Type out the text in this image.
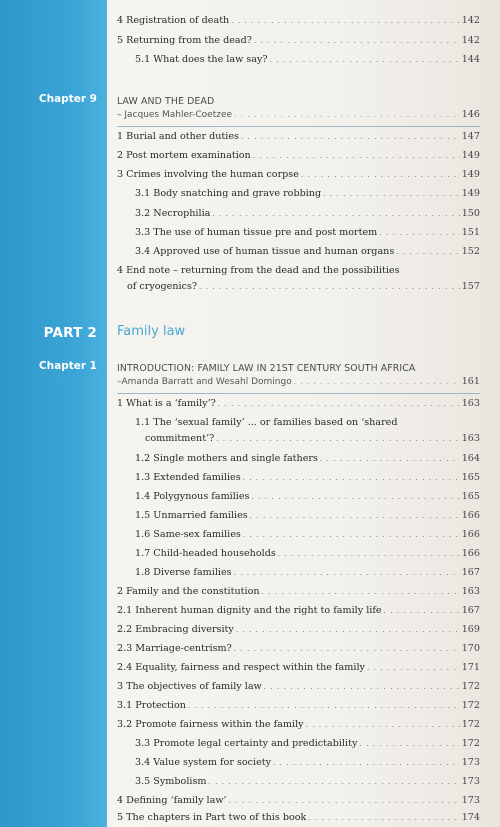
Chapter 9
PART 2
Chapter 1
4 Registration of death . . .	142
5 Returning from the dead? . . .	142
5.1 What does the law say? . . .	144
LAW AND THE DEAD
– Jacques Mahler-Coetzee . . .	146
1 Burial and other duties . . .	147
2 Post mortem examination . . .	149
3 Crimes involving the human corpse . . .	149
3.1 Body snatching and grave robbing . . .	149
3.2 Necrophilia . . .	150
3.3 The use of human tissue pre and post mortem . . .	151
3.4 Approved use of human tissue and human organs . . .	152
4 End note – returning from the dead and the possibilities
of cryogenics? . . .	157
Family law
INTRODUCTION: FAMILY LAW IN 21ST CENTURY SOUTH AFRICA
–Amanda Barratt and Wesahl Domingo . . .	161
1 What is a ‘family’? . . .	163
1.1 The ‘sexual family’ ... or families based on ‘shared
commitment’? . . .	163
1.2 Single mothers and single fathers . . .	164
1.3 Extended families . . .	165
1.4 Polygynous families . . .	165
1.5 Unmarried families . . .	166
1.6 Same-sex families . . .	166
1.7 Child-headed households . . .	166
1.8 Diverse families . . .	167
2 Family and the constitution . . .	163
2.1 Inherent human dignity and the right to family life . . .	167
2.2 Embracing diversity . . .	169
2.3 Marriage-centrism? . . .	170
2.4 Equality, fairness and respect within the family . . .	171
3 The objectives of family law . . .	172
3.1 Protection . . .	172
3.2 Promote fairness within the family . . .	172
3.3 Promote legal certainty and predictability . . .	172
3.4 Value system for society . . .	173
3.5 Symbolism . . .	173
4 Defining ‘family law’ . . .	173
5 The chapters in Part two of this book . . .	174
